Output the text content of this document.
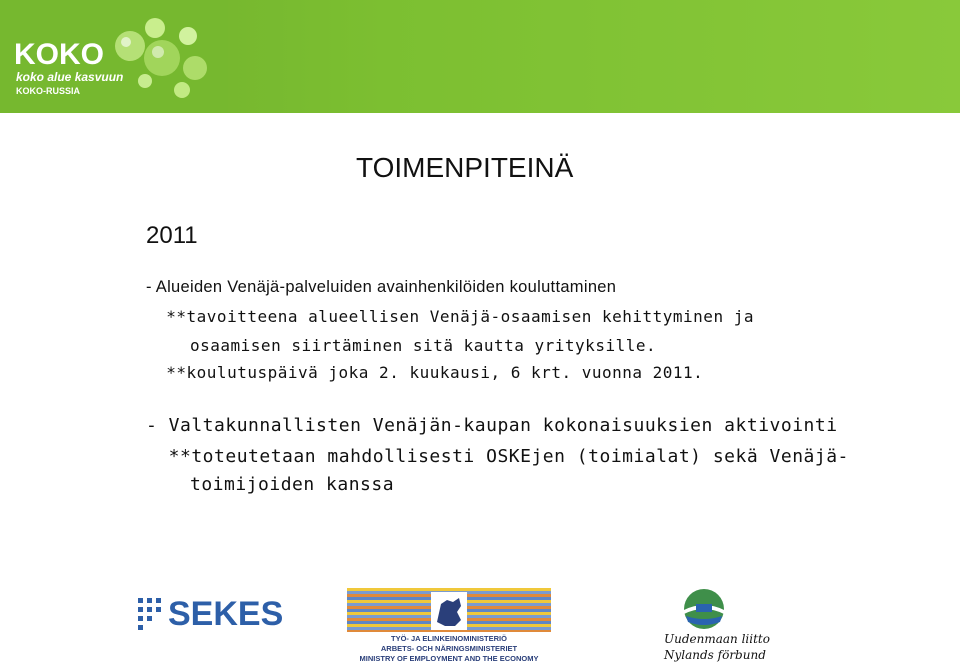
KOKO
koko alue kasvuun
KOKO-RUSSIA
TOIMENPITEINÄ
2011
- Alueiden Venäjä-palveluiden avainhenkilöiden kouluttaminen
**tavoitteena alueellisen Venäjä-osaamisen kehittyminen ja
osaamisen siirtäminen sitä kautta yrityksille.
**koulutuspäivä joka 2. kuukausi, 6 krt. vuonna 2011.
- Valtakunnallisten Venäjän-kaupan kokonaisuuksien aktivointi
**toteutetaan mahdollisesti OSKEjen (toimialat) sekä Venäjä-
toimijoiden kanssa
SEKES
TYÖ- JA ELINKEINOMINISTERIÖ
ARBETS- OCH NÄRINGSMINISTERIET
MINISTRY OF EMPLOYMENT AND THE ECONOMY
Uudenmaan liitto
Nylands förbund
